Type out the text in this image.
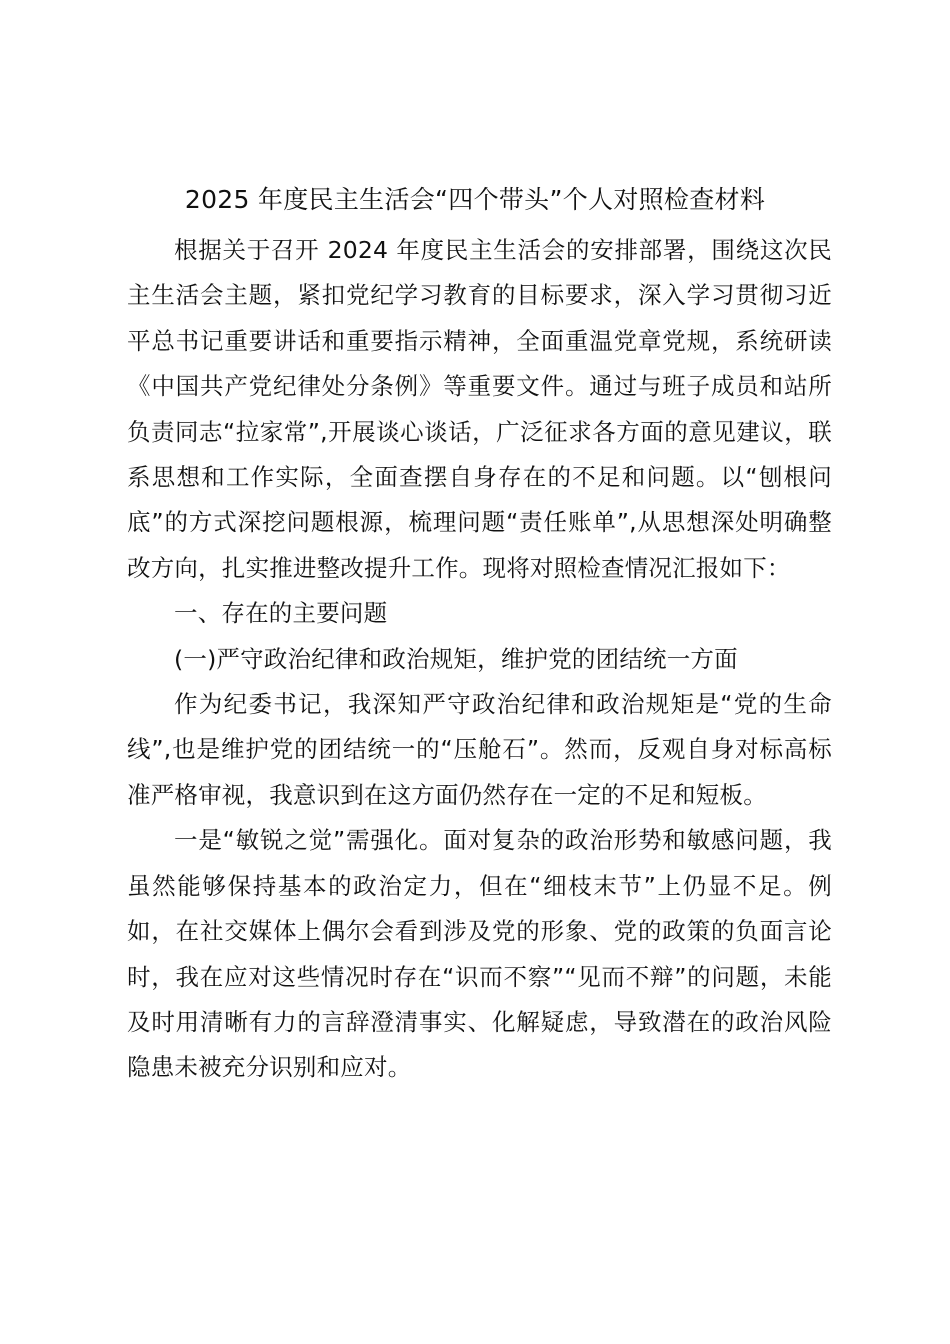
2025 年度民主生活会“四个带头”个人对照检查材料

根据关于召开 2024 年度民主生活会的安排部署，围绕这次民主生活会主题，紧扣党纪学习教育的目标要求，深入学习贯彻习近平总书记重要讲话和重要指示精神，全面重温党章党规，系统研读《中国共产党纪律处分条例》等重要文件。通过与班子成员和站所负责同志“拉家常”,开展谈心谈话，广泛征求各方面的意见建议，联系思想和工作实际，全面查摆自身存在的不足和问题。以“刨根问底”的方式深挖问题根源，梳理问题“责任账单”,从思想深处明确整改方向，扎实推进整改提升工作。现将对照检查情况汇报如下：

一、存在的主要问题

(一)严守政治纪律和政治规矩，维护党的团结统一方面

作为纪委书记，我深知严守政治纪律和政治规矩是“党的生命线”,也是维护党的团结统一的“压舱石”。然而，反观自身对标高标准严格审视，我意识到在这方面仍然存在一定的不足和短板。

一是“敏锐之觉”需强化。面对复杂的政治形势和敏感问题，我虽然能够保持基本的政治定力，但在“细枝末节”上仍显不足。例如，在社交媒体上偶尔会看到涉及党的形象、党的政策的负面言论时，我在应对这些情况时存在“识而不察”“见而不辩”的问题，未能及时用清晰有力的言辞澄清事实、化解疑虑，导致潜在的政治风险隐患未被充分识别和应对。
